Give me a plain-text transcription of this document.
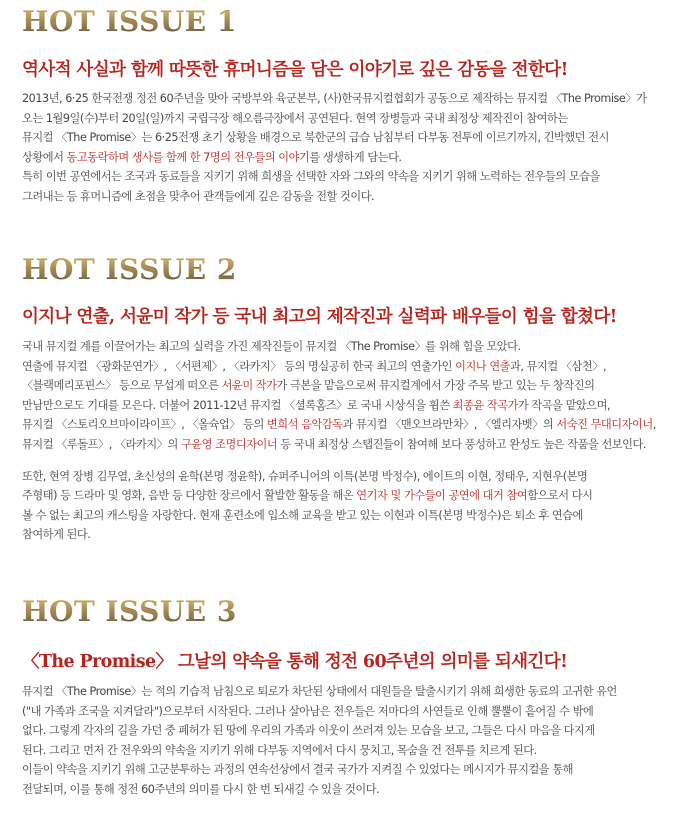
HOT ISSUE 1
역사적 사실과 함께 따뜻한 휴머니즘을 담은 이야기로 깊은 감동을 전한다!

2013년, 6·25 한국전쟁 정전 60주년을 맞아 국방부와 육군본부, (사)한국뮤지컬협회가 공동으로 제작하는 뮤지컬 〈The Promise〉가
오는 1월9일(수)부터 20일(일)까지 국립극장 해오름극장에서 공연된다. 현역 장병들과 국내 최정상 제작진이 참여하는
뮤지컬 〈The Promise〉는 6·25전쟁 초기 상황을 배경으로 북한군의 급습 남침부터 다부동 전투에 이르기까지, 긴박했던 전시
상황에서 동고동락하며 생사를 함께 한 7명의 전우들의 이야기를 생생하게 담는다.
특히 이번 공연에서는 조국과 동료들을 지키기 위해 희생을 선택한 자와 그와의 약속을 지키기 위해 노력하는 전우들의 모습을
그려내는 등 휴머니즘에 초점을 맞추어 관객들에게 깊은 감동을 전할 것이다.

HOT ISSUE 2
이지나 연출, 서윤미 작가 등 국내 최고의 제작진과 실력파 배우들이 힘을 합쳤다!

국내 뮤지컬 계를 이끌어가는 최고의 실력을 가진 제작진들이 뮤지컬 〈The Promise〉를 위해 힘을 모았다.
연출에 뮤지컬 〈광화문연가〉, 〈서편제〉, 〈라카지〉 등의 명실공히 한국 최고의 연출가인 이지나 연출과, 뮤지컬 〈삼천〉,
〈블랙메리포핀스〉 등으로 무섭게 떠오른 서윤미 작가가 극본을 맡음으로써 뮤지컬계에서 가장 주목 받고 있는 두 창작진의
만남만으로도 기대를 모은다. 더불어 2011-12년 뮤지컬 〈셜록홈즈〉로 국내 시상식을 휩쓴 최종윤 작곡가가 작곡을 맡았으며,
뮤지컬 〈스토리오브마이라이프〉, 〈올슉업〉 등의 변희석 음악감독과 뮤지컬 〈맨오브라만차〉, 〈엘리자벳〉의 서숙진 무대디자이너,
뮤지컬 〈루돌프〉, 〈라카지〉의 구윤영 조명디자이너 등 국내 최정상 스탭진들이 참여해 보다 풍성하고 완성도 높은 작품을 선보인다.

또한, 현역 장병 김무열, 초신성의 윤학(본명 정윤학), 슈퍼주니어의 이특(본명 박정수), 에이트의 이현, 정태우, 지현우(본명
주형태) 등 드라마 및 영화, 음반 등 다양한 장르에서 활발한 활동을 해온 연기자 및 가수들이 공연에 대거 참여함으로서 다시
볼 수 없는 최고의 캐스팅을 자랑한다. 현재 훈련소에 입소해 교육을 받고 있는 이현과 이특(본명 박정수)은 퇴소 후 연습에
참여하게 된다.

HOT ISSUE 3
〈The Promise〉 그날의 약속을 통해 정전 60주년의 의미를 되새긴다!

뮤지컬 〈The Promise〉는 적의 기습적 남침으로 퇴로가 차단된 상태에서 대원들을 탈출시키기 위해 희생한 동료의 고귀한 유언
("내 가족과 조국을 지켜달라")으로부터 시작된다. 그러나 살아남은 전우들은 저마다의 사연들로 인해 뿔뿔이 흩어질 수 밖에
없다. 그렇게 각자의 길을 가던 중 폐허가 된 땅에 우리의 가족과 이웃이 쓰러져 있는 모습을 보고, 그들은 다시 마음을 다지게
된다. 그리고 먼저 간 전우와의 약속을 지키기 위해 다부동 지역에서 다시 뭉치고, 목숨을 건 전투를 치르게 된다.
이들이 약속을 지키기 위해 고군분투하는 과정의 연속선상에서 결국 국가가 지켜질 수 있었다는 메시지가 뮤지컬을 통해
전달되며, 이를 통해 정전 60주년의 의미를 다시 한 번 되새길 수 있을 것이다.
